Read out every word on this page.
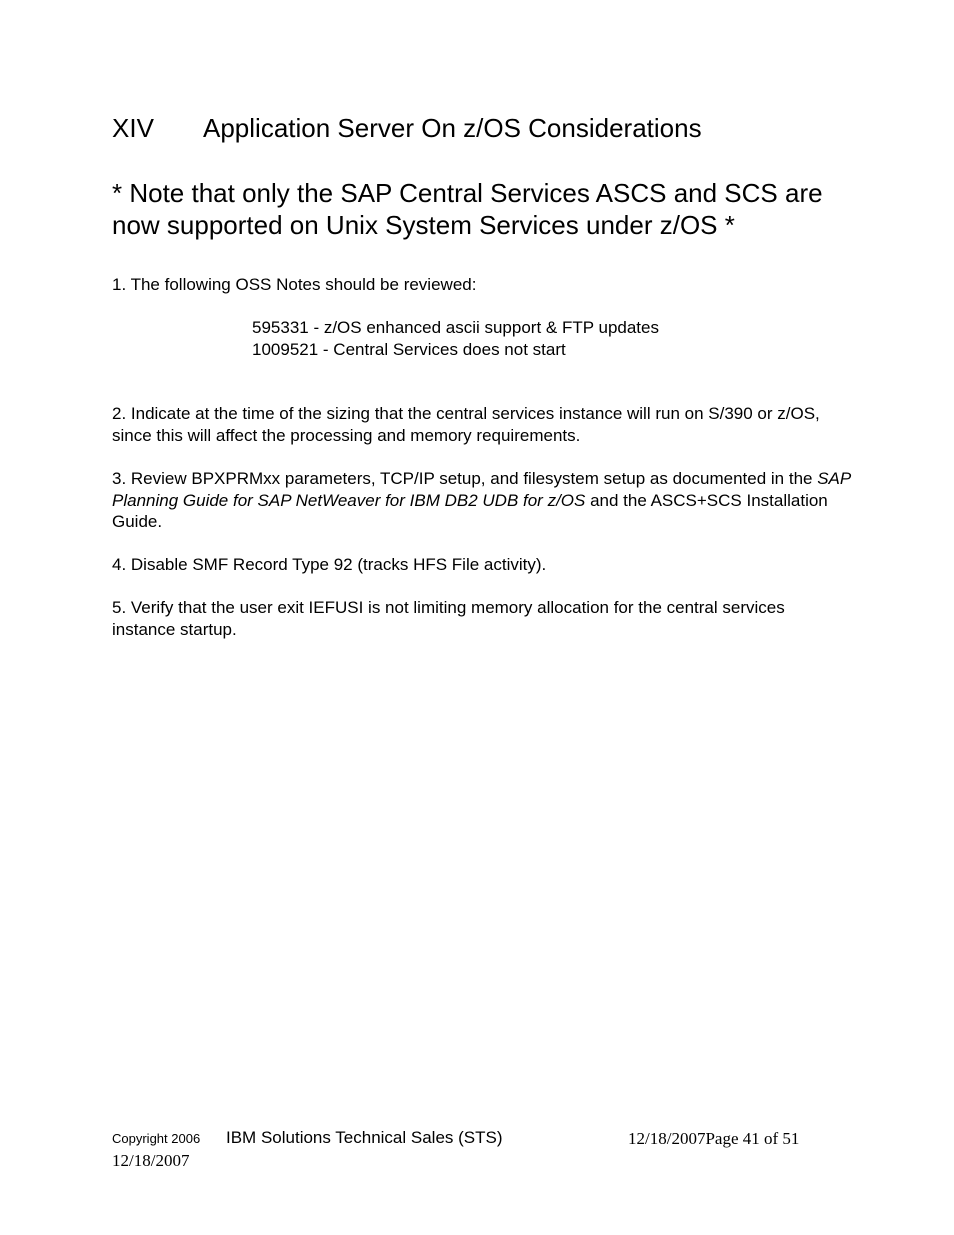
XIV Application Server On z/OS Considerations
* Note that only the SAP Central Services ASCS and SCS are now supported on Unix System Services under z/OS *
1. The following OSS Notes should be reviewed:
595331 - z/OS enhanced ascii support & FTP updates
1009521 - Central Services does not start
2. Indicate at the time of the sizing that the central services instance will run on S/390 or z/OS, since this will affect the processing and memory requirements.
3. Review BPXPRMxx parameters, TCP/IP setup, and filesystem setup as documented in the SAP Planning Guide for SAP NetWeaver for IBM DB2 UDB for z/OS and the ASCS+SCS Installation Guide.
4. Disable SMF Record Type 92 (tracks HFS File activity).
5. Verify that the user exit IEFUSI is not limiting memory allocation for the central services instance startup.
Copyright 2006 IBM Solutions Technical Sales (STS)	12/18/2007Page 41 of 51
12/18/2007
